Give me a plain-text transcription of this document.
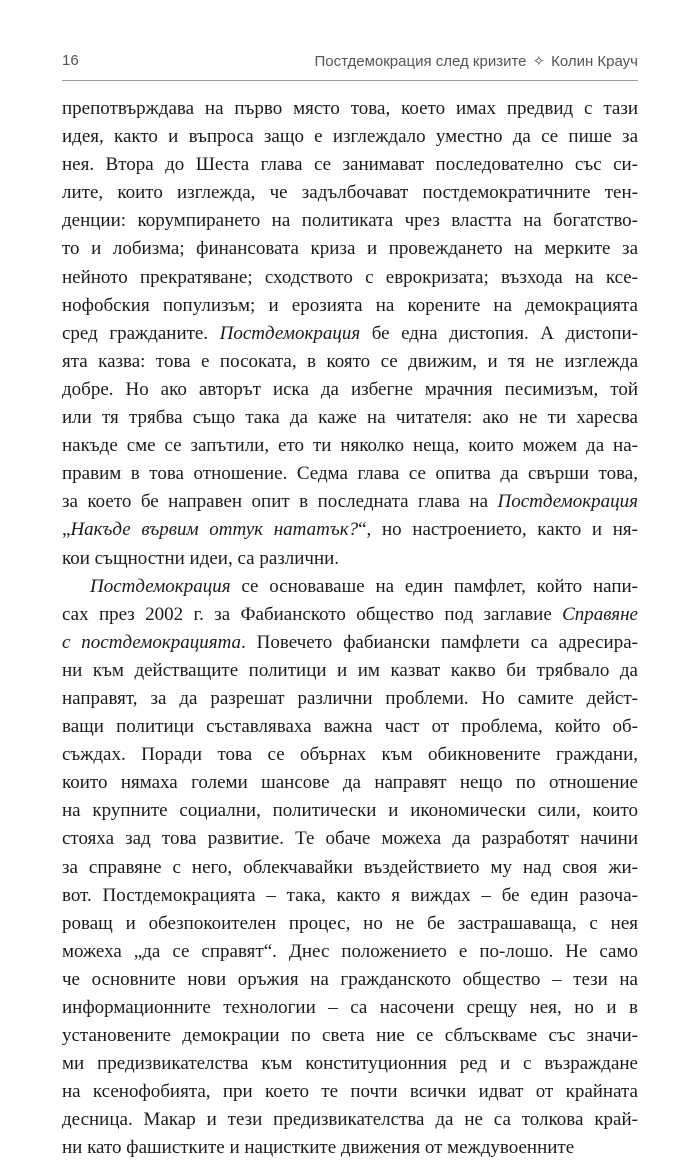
16	Постдемокрация след кризите ✧ Колин Крауч
препотвърждава на първо място това, което имах предвид с тази
идея, както и въпроса защо е изглеждало уместно да се пише за
нея. Втора до Шеста глава се занимават последователно със си-
лите, които изглежда, че задълбочават постдемократичните тен-
денции: корумпирането на политиката чрез властта на богатство-
то и лобизма; финансовата криза и провеждането на мерките за
нейното прекратяване; сходството с еврокризата; възхода на ксе-
нофобския популизъм; и ерозията на корените на демокрацията
сред гражданите. Постдемокрация бе една дистопия. А дистопи-
ята казва: това е посоката, в която се движим, и тя не изглежда
добре. Но ако авторът иска да избегне мрачния песимизъм, той
или тя трябва също така да каже на читателя: ако не ти харесва
накъде сме се запътили, ето ти няколко неща, които можем да на-
правим в това отношение. Седма глава се опитва да свърши това,
за което бе направен опит в последната глава на Постдемокрация
„Накъде вървим оттук нататък?“, но настроението, както и ня-
кои същностни идеи, са различни.
Постдемокрация се основаваше на един памфлет, който напи-
сах през 2002 г. за Фабианското общество под заглавие Справяне
с постдемокрацията. Повечето фабиански памфлети са адресира-
ни към действащите политици и им казват какво би трябвало да
направят, за да разрешат различни проблеми. Но самите дейст-
ващи политици съставляваха важна част от проблема, който об-
съждах. Поради това се обърнах към обикновените граждани,
които нямаха големи шансове да направят нещо по отношение
на крупните социални, политически и икономически сили, които
стояха зад това развитие. Те обаче можеха да разработят начини
за справяне с него, облекчавайки въздействието му над своя жи-
вот. Постдемокрацията – така, както я виждах – бе един разоча-
роващ и обезпокоителен процес, но не бе застрашаваща, с нея
можеха „да се справят“. Днес положението е по-лошо. Не само
че основните нови оръжия на гражданското общество – тези на
информационните технологии – са насочени срещу нея, но и в
установените демокрации по света ние се сблъскваме със значи-
ми предизвикателства към конституционния ред и с възраждане
на ксенофобията, при което те почти всички идват от крайната
десница. Макар и тези предизвикателства да не са толкова край-
ни като фашистките и нацистките движения от междувоенните
